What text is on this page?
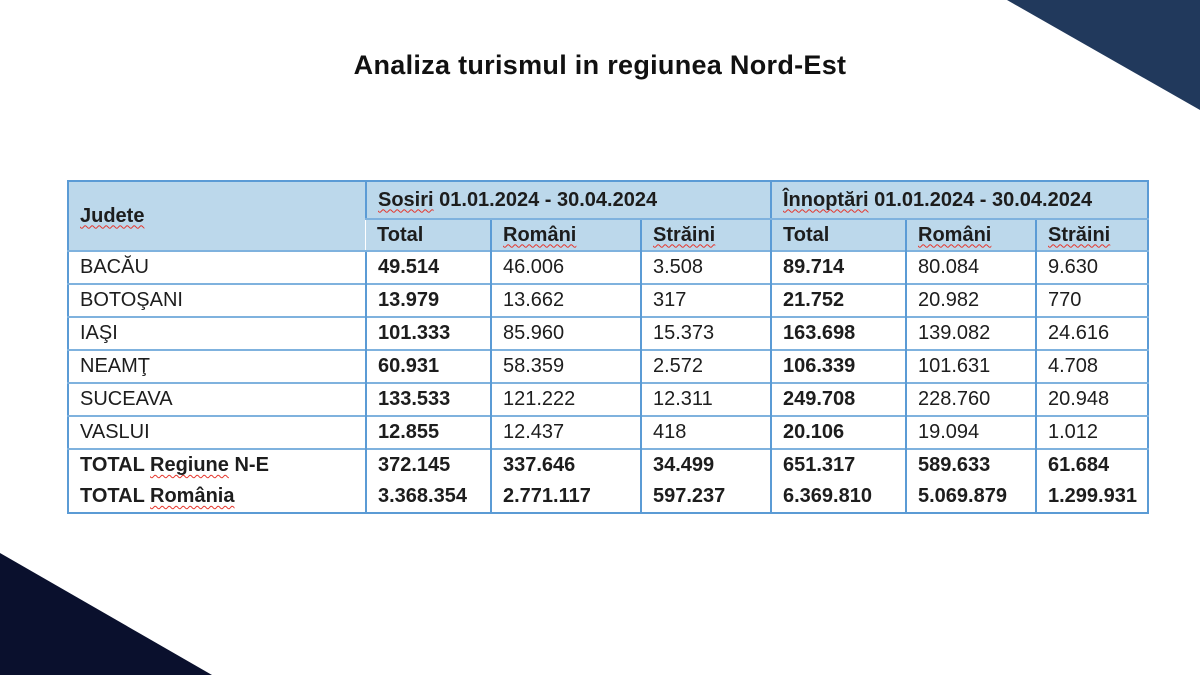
Analiza turismul in regiunea Nord-Est
Judete	Sosiri 01.01.2024 - 30.04.2024			Înnoptări 01.01.2024 - 30.04.2024		
	Total	Români	Străini	Total	Români	Străini
BACĂU	49.514	46.006	3.508	89.714	80.084	9.630
BOTOŞANI	13.979	13.662	317	21.752	20.982	770
IAŞI	101.333	85.960	15.373	163.698	139.082	24.616
NEAMŢ	60.931	58.359	2.572	106.339	101.631	4.708
SUCEAVA	133.533	121.222	12.311	249.708	228.760	20.948
VASLUI	12.855	12.437	418	20.106	19.094	1.012
TOTAL Regiune N-E	372.145	337.646	34.499	651.317	589.633	61.684
TOTAL România	3.368.354	2.771.117	597.237	6.369.810	5.069.879	1.299.931
